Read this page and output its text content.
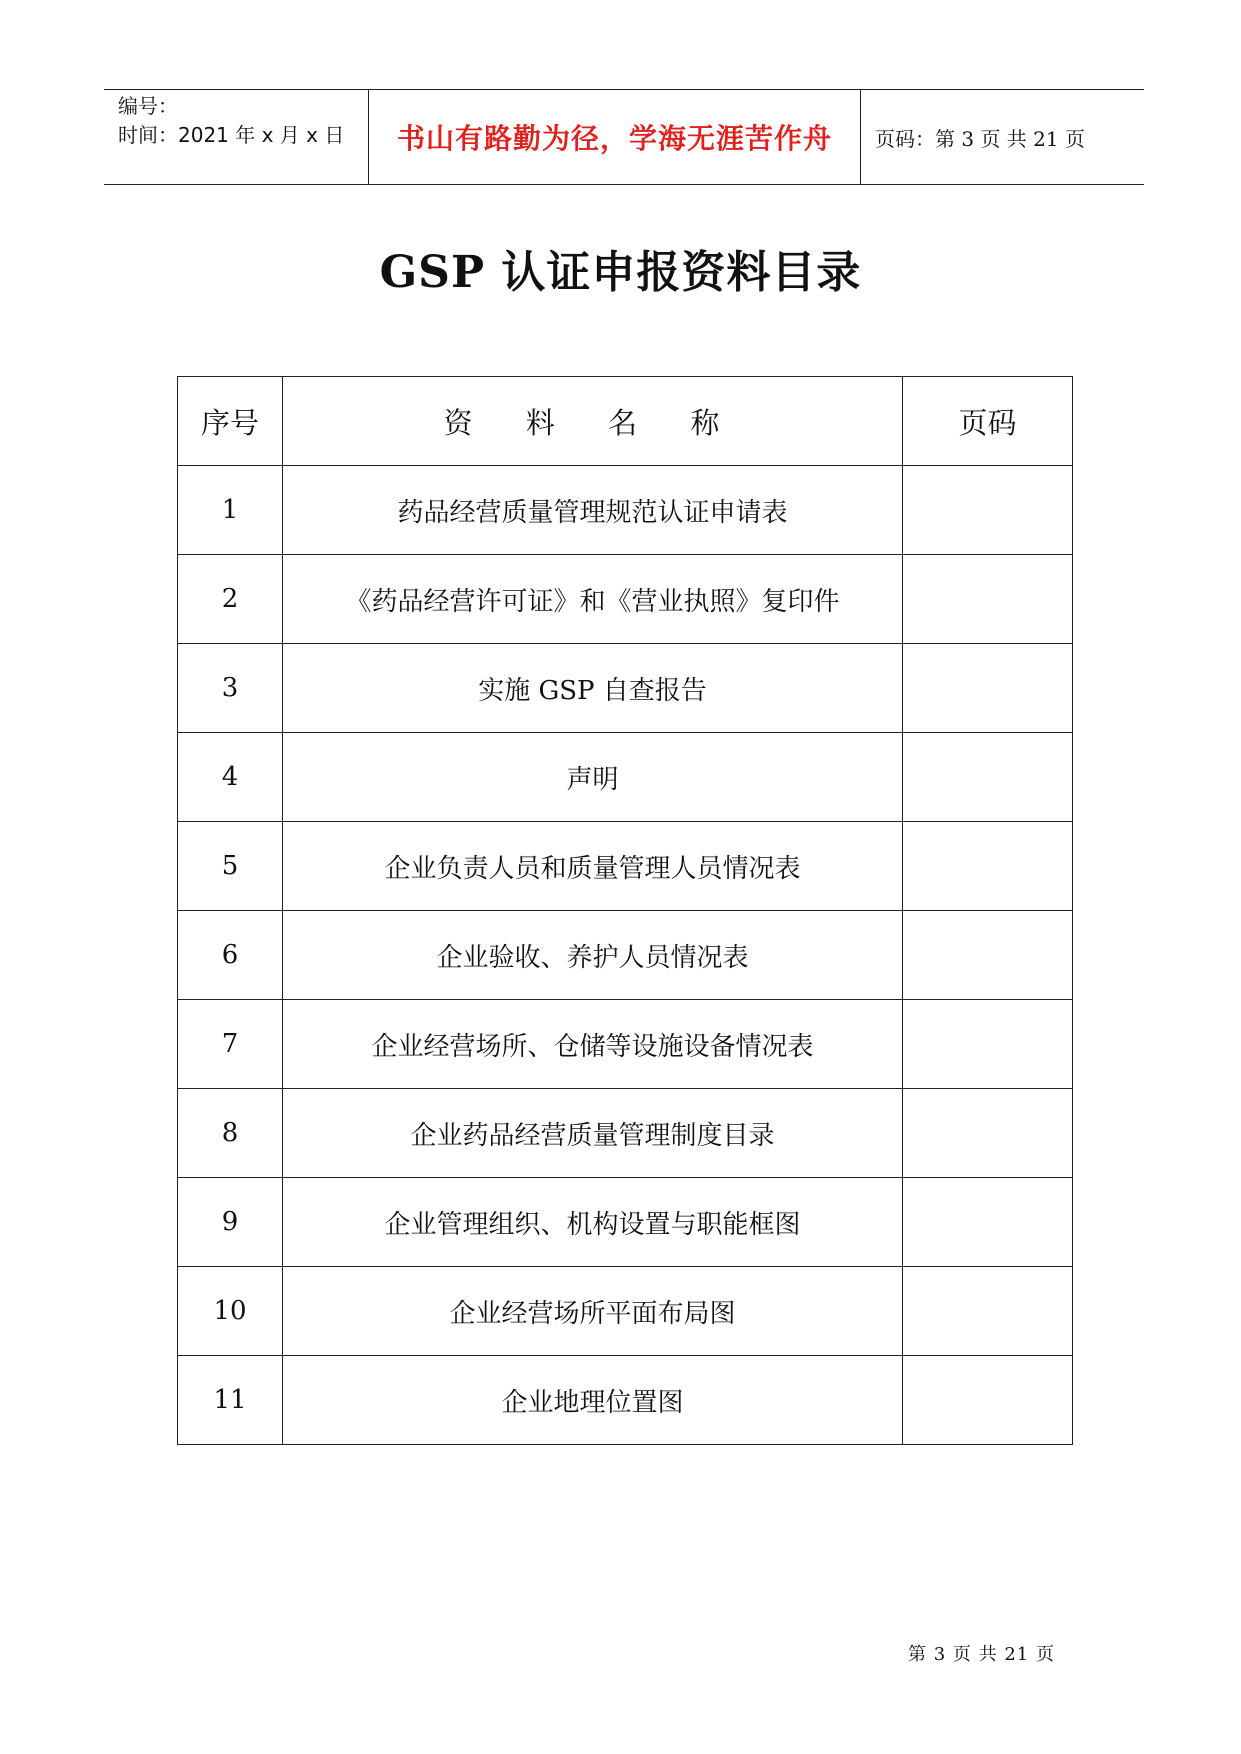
编号：
时间：2021 年 x 月 x 日	书山有路勤为径，学海无涯苦作舟	页码：第 3 页 共 21 页
GSP 认证申报资料目录
序号	资 料 名 称	页码
1	药品经营质量管理规范认证申请表	
2	《药品经营许可证》和《营业执照》复印件	
3	实施 GSP 自查报告	
4	声明	
5	企业负责人员和质量管理人员情况表	
6	企业验收、养护人员情况表	
7	企业经营场所、仓储等设施设备情况表	
8	企业药品经营质量管理制度目录	
9	企业管理组织、机构设置与职能框图	
10	企业经营场所平面布局图	
11	企业地理位置图	
第 3 页 共 21 页
